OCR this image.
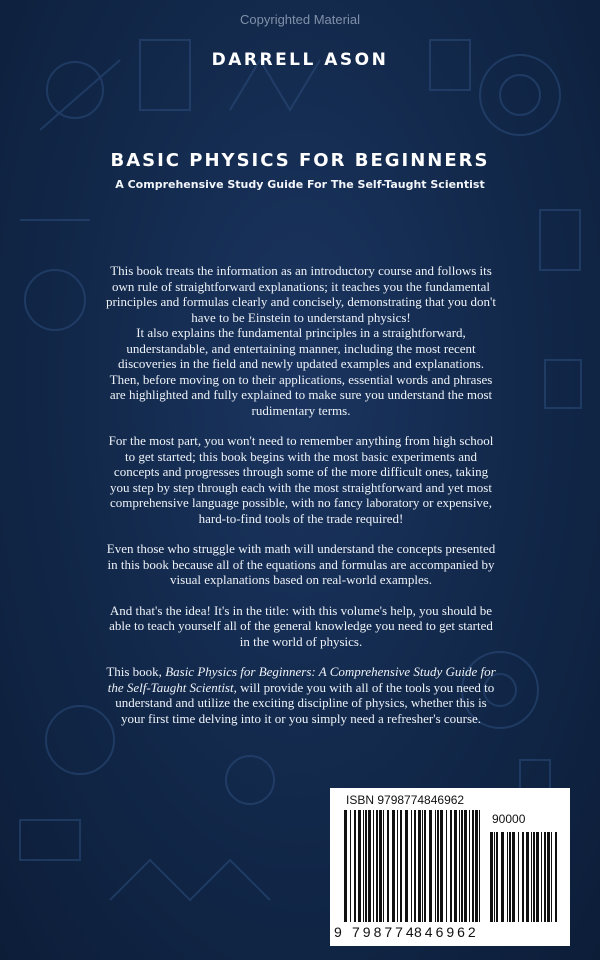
Copyrighted Material
DARRELL ASON
BASIC PHYSICS FOR BEGINNERS
A Comprehensive Study Guide For The Self-Taught Scientist

This book treats the information as an introductory course and follows its own rule of straightforward explanations; it teaches you the fundamental principles and formulas clearly and concisely, demonstrating that you don't have to be Einstein to understand physics!
It also explains the fundamental principles in a straightforward, understandable, and entertaining manner, including the most recent discoveries in the field and newly updated examples and explanations. Then, before moving on to their applications, essential words and phrases are highlighted and fully explained to make sure you understand the most rudimentary terms.

For the most part, you won't need to remember anything from high school to get started; this book begins with the most basic experiments and concepts and progresses through some of the more difficult ones, taking you step by step through each with the most straightforward and yet most comprehensive language possible, with no fancy laboratory or expensive, hard-to-find tools of the trade required!

Even those who struggle with math will understand the concepts presented in this book because all of the equations and formulas are accompanied by visual explanations based on real-world examples.

And that's the idea! It's in the title: with this volume's help, you should be able to teach yourself all of the general knowledge you need to get started in the world of physics.

This book, Basic Physics for Beginners: A Comprehensive Study Guide for the Self-Taught Scientist, will provide you with all of the tools you need to understand and utilize the exciting discipline of physics, whether this is your first time delving into it or you simply need a refresher's course.

ISBN 9798774846962
90000
9 798774
846962
